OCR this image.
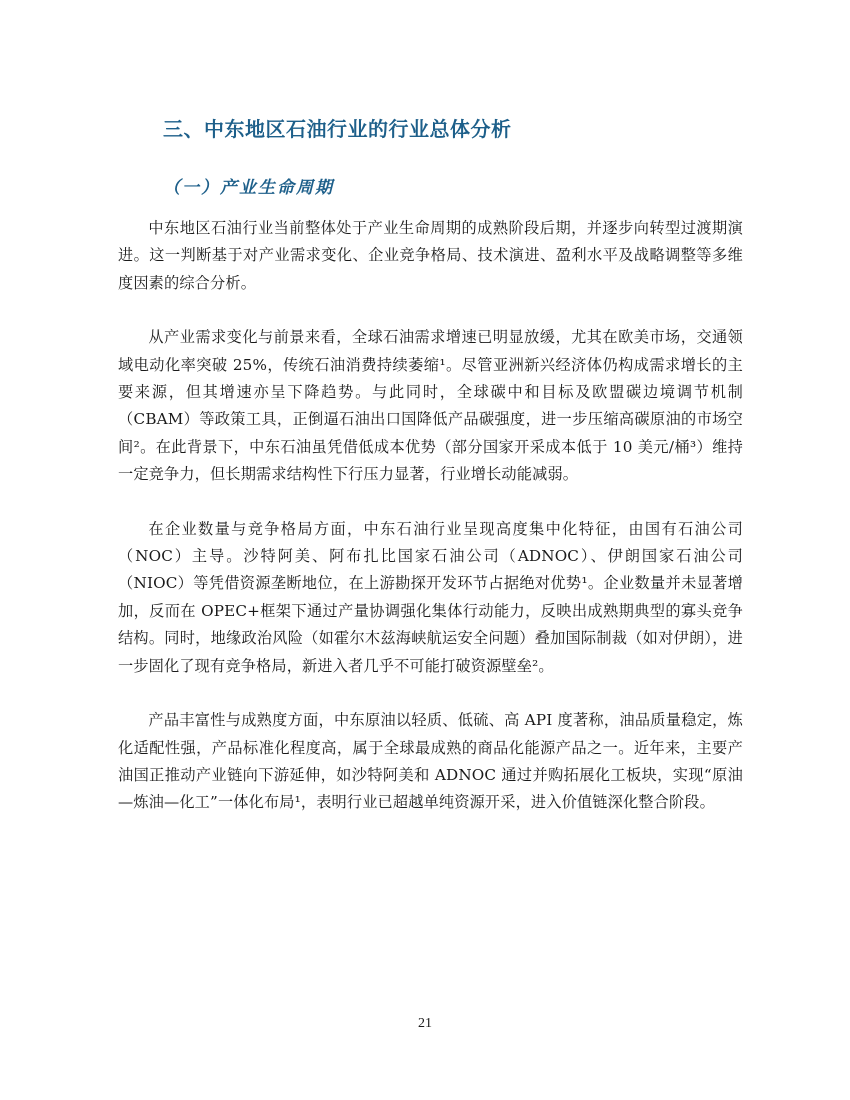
三、中东地区石油行业的行业总体分析
（一）产业生命周期

中东地区石油行业当前整体处于产业生命周期的成熟阶段后期，并逐步向转型过渡期演进。这一判断基于对产业需求变化、企业竞争格局、技术演进、盈利水平及战略调整等多维度因素的综合分析。

从产业需求变化与前景来看，全球石油需求增速已明显放缓，尤其在欧美市场，交通领域电动化率突破 25%，传统石油消费持续萎缩¹。尽管亚洲新兴经济体仍构成需求增长的主要来源，但其增速亦呈下降趋势。与此同时，全球碳中和目标及欧盟碳边境调节机制（CBAM）等政策工具，正倒逼石油出口国降低产品碳强度，进一步压缩高碳原油的市场空间²。在此背景下，中东石油虽凭借低成本优势（部分国家开采成本低于 10 美元/桶³）维持一定竞争力，但长期需求结构性下行压力显著，行业增长动能减弱。

在企业数量与竞争格局方面，中东石油行业呈现高度集中化特征，由国有石油公司（NOC）主导。沙特阿美、阿布扎比国家石油公司（ADNOC）、伊朗国家石油公司（NIOC）等凭借资源垄断地位，在上游勘探开发环节占据绝对优势¹。企业数量并未显著增加，反而在 OPEC+框架下通过产量协调强化集体行动能力，反映出成熟期典型的寡头竞争结构。同时，地缘政治风险（如霍尔木兹海峡航运安全问题）叠加国际制裁（如对伊朗），进一步固化了现有竞争格局，新进入者几乎不可能打破资源壁垒²。

产品丰富性与成熟度方面，中东原油以轻质、低硫、高 API 度著称，油品质量稳定，炼化适配性强，产品标准化程度高，属于全球最成熟的商品化能源产品之一。近年来，主要产油国正推动产业链向下游延伸，如沙特阿美和 ADNOC 通过并购拓展化工板块，实现“原油—炼油—化工”一体化布局¹，表明行业已超越单纯资源开采，进入价值链深化整合阶段。

21
